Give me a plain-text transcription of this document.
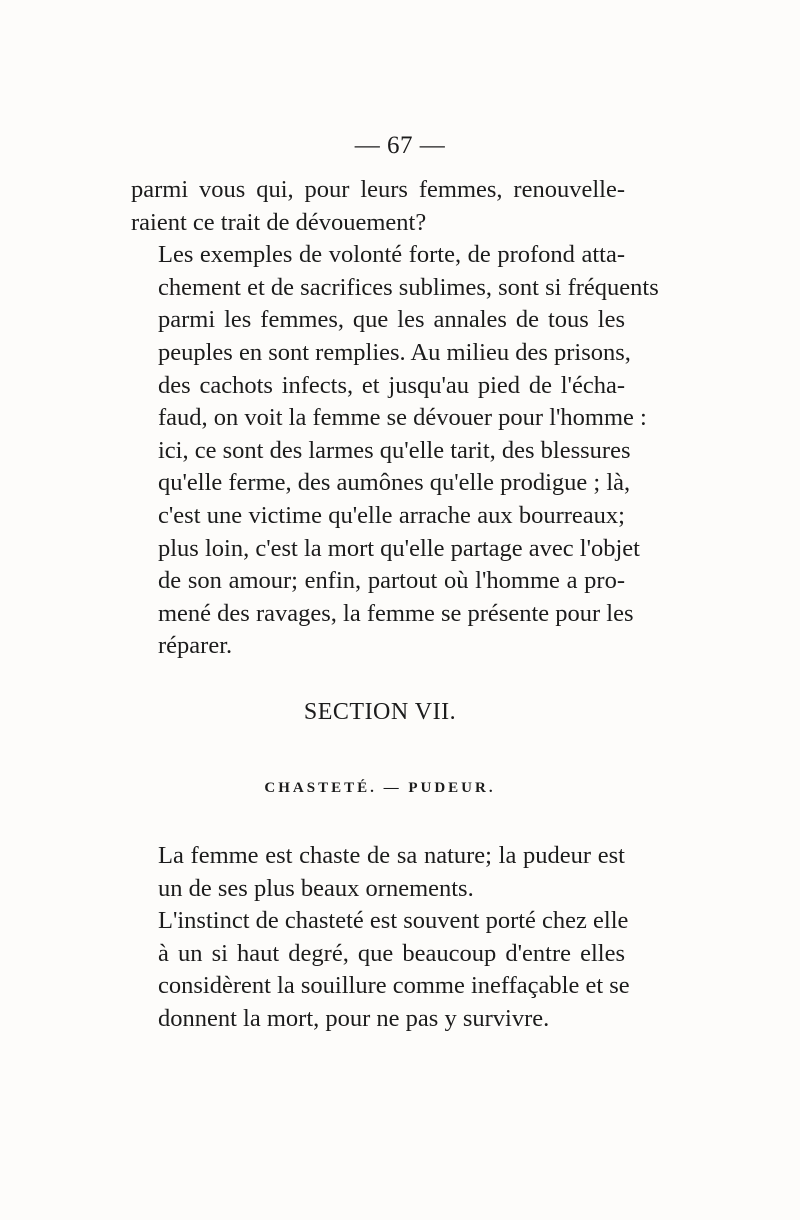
— 67 —

parmi vous qui, pour leurs femmes, renouvelle-
raient ce trait de dévouement?

Les exemples de volonté forte, de profond atta-
chement et de sacrifices sublimes, sont si fréquents
parmi les femmes, que les annales de tous les
peuples en sont remplies. Au milieu des prisons,
des cachots infects, et jusqu'au pied de l'écha-
faud, on voit la femme se dévouer pour l'homme :
ici, ce sont des larmes qu'elle tarit, des blessures
qu'elle ferme, des aumônes qu'elle prodigue ; là,
c'est une victime qu'elle arrache aux bourreaux;
plus loin, c'est la mort qu'elle partage avec l'objet
de son amour; enfin, partout où l'homme a pro-
mené des ravages, la femme se présente pour les
réparer.

SECTION VII.
CHASTETÉ. — PUDEUR.

La femme est chaste de sa nature; la pudeur est
un de ses plus beaux ornements.

L'instinct de chasteté est souvent porté chez elle
à un si haut degré, que beaucoup d'entre elles
considèrent la souillure comme ineffaçable et se
donnent la mort, pour ne pas y survivre.
